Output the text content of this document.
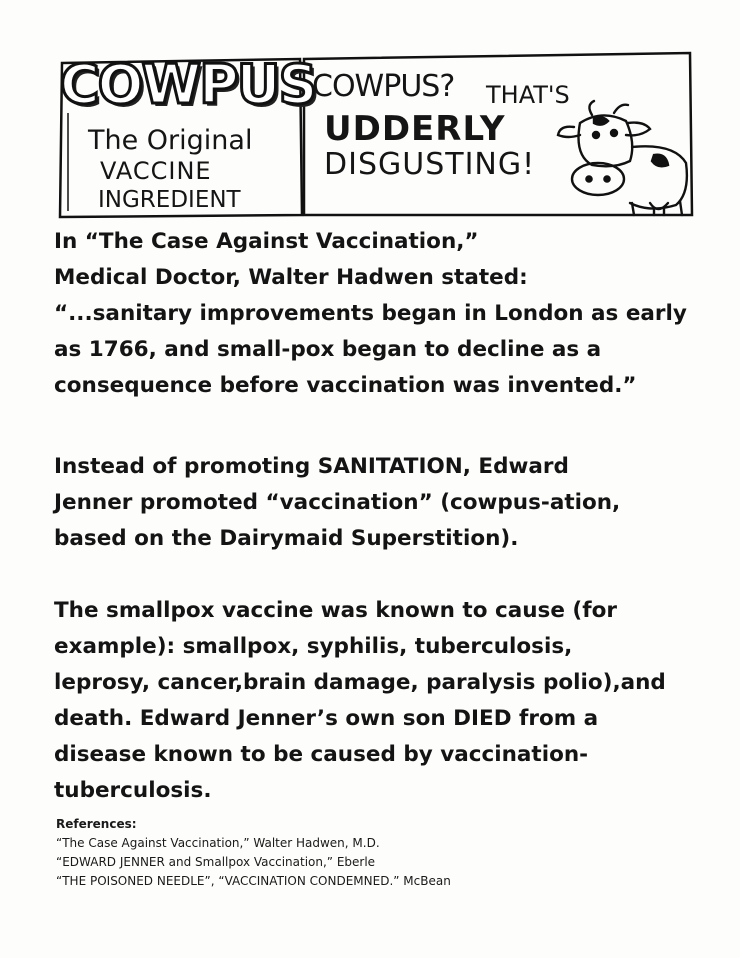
COWPUS
The Original
VACCINE
INGREDIENT
COWPUS? THAT'S
UDDERLY
DISGUSTING!
In “The Case Against Vaccination,”
Medical Doctor, Walter Hadwen stated:
“...sanitary improvements began in London as early
as 1766, and small-pox began to decline as a
consequence before vaccination was invented.”
Instead of promoting SANITATION, Edward
Jenner promoted “vaccination” (cowpus-ation,
based on the Dairymaid Superstition).
The smallpox vaccine was known to cause (for
example): smallpox, syphilis, tuberculosis,
leprosy, cancer,brain damage, paralysis polio),and
death. Edward Jenner’s own son DIED from a
disease known to be caused by vaccination-
tuberculosis.
References:
“The Case Against Vaccination,” Walter Hadwen, M.D.
“EDWARD JENNER and Smallpox Vaccination,” Eberle
“THE POISONED NEEDLE”, “VACCINATION CONDEMNED.” McBean
